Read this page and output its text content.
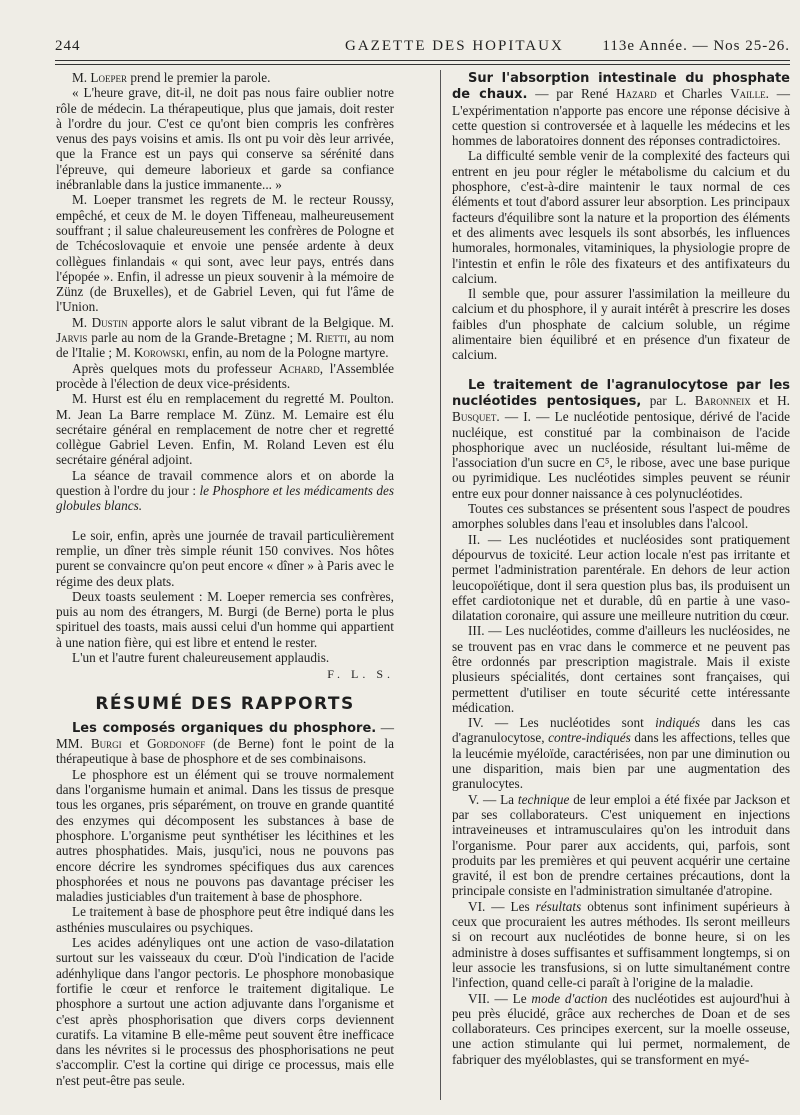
244	GAZETTE DES HOPITAUX	113e Année. — Nos 25-26.

M. Loeper prend le premier la parole.

« L'heure grave, dit-il, ne doit pas nous faire oublier notre rôle de médecin. La thérapeutique, plus que jamais, doit rester à l'ordre du jour. C'est ce qu'ont bien compris les confrères venus des pays voisins et amis. Ils ont pu voir dès leur arrivée, que la France est un pays qui conserve sa sérénité dans l'épreuve, qui demeure laborieux et garde sa confiance inébranlable dans la justice immanente... »

M. Loeper transmet les regrets de M. le recteur Roussy, empêché, et ceux de M. le doyen Tiffeneau, malheureusement souffrant ; il salue chaleureusement les confrères de Pologne et de Tchécoslovaquie et envoie une pensée ardente à deux collègues finlandais « qui sont, avec leur pays, entrés dans l'épopée ». Enfin, il adresse un pieux souvenir à la mémoire de Zünz (de Bruxelles), et de Gabriel Leven, qui fut l'âme de l'Union.

M. Dustin apporte alors le salut vibrant de la Belgique. M. Jarvis parle au nom de la Grande-Bretagne ; M. Rietti, au nom de l'Italie ; M. Korowski, enfin, au nom de la Pologne martyre.

Après quelques mots du professeur Achard, l'Assemblée procède à l'élection de deux vice-présidents.

M. Hurst est élu en remplacement du regretté M. Poulton. M. Jean La Barre remplace M. Zünz. M. Lemaire est élu secrétaire général en remplacement de notre cher et regretté collègue Gabriel Leven. Enfin, M. Roland Leven est élu secrétaire général adjoint.

La séance de travail commence alors et on aborde la question à l'ordre du jour : le Phosphore et les médicaments des globules blancs.

Le soir, enfin, après une journée de travail particulièrement remplie, un dîner très simple réunit 150 convives. Nos hôtes purent se convaincre qu'on peut encore « dîner » à Paris avec le régime des deux plats.

Deux toasts seulement : M. Loeper remercia ses confrères, puis au nom des étrangers, M. Burgi (de Berne) porta le plus spirituel des toasts, mais aussi celui d'un homme qui appartient à une nation fière, qui est libre et entend le rester.

L'un et l'autre furent chaleureusement applaudis.

F. L. S.
RÉSUMÉ DES RAPPORTS

Les composés organiques du phosphore. — MM. Burgi et Gordonoff (de Berne) font le point de la thérapeutique à base de phosphore et de ses combinaisons.

Le phosphore est un élément qui se trouve normalement dans l'organisme humain et animal. Dans les tissus de presque tous les organes, pris séparément, on trouve en grande quantité des enzymes qui décomposent les substances à base de phosphore. L'organisme peut synthétiser les lécithines et les autres phosphatides. Mais, jusqu'ici, nous ne pouvons pas encore décrire les syndromes spécifiques dus aux carences phosphorées et nous ne pouvons pas davantage préciser les maladies justiciables d'un traitement à base de phosphore.

Le traitement à base de phosphore peut être indiqué dans les asthénies musculaires ou psychiques.

Les acides adényliques ont une action de vaso-dilatation surtout sur les vaisseaux du cœur. D'où l'indication de l'acide adénhylique dans l'angor pectoris. Le phosphore monobasique fortifie le cœur et renforce le traitement digitalique. Le phosphore a surtout une action adjuvante dans l'organisme et c'est après phosphorisation que divers corps deviennent curatifs. La vitamine B elle-même peut souvent être inefficace dans les névrites si le processus des phosphorisations ne peut s'accomplir. C'est la cortine qui dirige ce processus, mais elle n'est peut-être pas seule.

Sur l'absorption intestinale du phosphate de chaux. — par René Hazard et Charles Vaille. — L'expérimentation n'apporte pas encore une réponse décisive à cette question si controversée et à laquelle les médecins et les hommes de laboratoires donnent des réponses contradictoires.

La difficulté semble venir de la complexité des facteurs qui entrent en jeu pour régler le métabolisme du calcium et du phosphore, c'est-à-dire maintenir le taux normal de ces éléments et tout d'abord assurer leur absorption. Les principaux facteurs d'équilibre sont la nature et la proportion des éléments et des aliments avec lesquels ils sont absorbés, les influences humorales, hormonales, vitaminiques, la physiologie propre de l'intestin et enfin le rôle des fixateurs et des antifixateurs du calcium.

Il semble que, pour assurer l'assimilation la meilleure du calcium et du phosphore, il y aurait intérêt à prescrire les doses faibles d'un phosphate de calcium soluble, un régime alimentaire bien équilibré et en présence d'un fixateur de calcium.

Le traitement de l'agranulocytose par les nucléotides pentosiques, par L. Baronneix et H. Busquet. — I. — Le nucléotide pentosique, dérivé de l'acide nucléique, est constitué par la combinaison de l'acide phosphorique avec un nucléoside, résultant lui-même de l'association d'un sucre en C⁵, le ribose, avec une base purique ou pyrimidique. Les nucléotides simples peuvent se réunir entre eux pour donner naissance à ces polynucléotides.

Toutes ces substances se présentent sous l'aspect de poudres amorphes solubles dans l'eau et insolubles dans l'alcool.

II. — Les nucléotides et nucléosides sont pratiquement dépourvus de toxicité. Leur action locale n'est pas irritante et permet l'administration parentérale. En dehors de leur action leucopoïétique, dont il sera question plus bas, ils produisent un effet cardiotonique net et durable, dû en partie à une vaso-dilatation coronaire, qui assure une meilleure nutrition du cœur.

III. — Les nucléotides, comme d'ailleurs les nucléosides, ne se trouvent pas en vrac dans le commerce et ne peuvent pas être ordonnés par prescription magistrale. Mais il existe plusieurs spécialités, dont certaines sont françaises, qui permettent d'utiliser en toute sécurité cette intéressante médication.

IV. — Les nucléotides sont indiqués dans les cas d'agranulocytose, contre-indiqués dans les affections, telles que la leucémie myéloïde, caractérisées, non par une diminution ou une disparition, mais bien par une augmentation des granulocytes.

V. — La technique de leur emploi a été fixée par Jackson et par ses collaborateurs. C'est uniquement en injections intraveineuses et intramusculaires qu'on les introduit dans l'organisme. Pour parer aux accidents, qui, parfois, sont produits par les premières et qui peuvent acquérir une certaine gravité, il est bon de prendre certaines précautions, dont la principale consiste en l'administration simultanée d'atropine.

VI. — Les résultats obtenus sont infiniment supérieurs à ceux que procuraient les autres méthodes. Ils seront meilleurs si on recourt aux nucléotides de bonne heure, si on les administre à doses suffisantes et suffisamment longtemps, si on leur associe les transfusions, si on lutte simultanément contre l'infection, quand celle-ci paraît à l'origine de la maladie.

VII. — Le mode d'action des nucléotides est aujourd'hui à peu près élucidé, grâce aux recherches de Doan et de ses collaborateurs. Ces principes exercent, sur la moelle osseuse, une action stimulante qui lui permet, normalement, de fabriquer des myéloblastes, qui se transforment en myé-
